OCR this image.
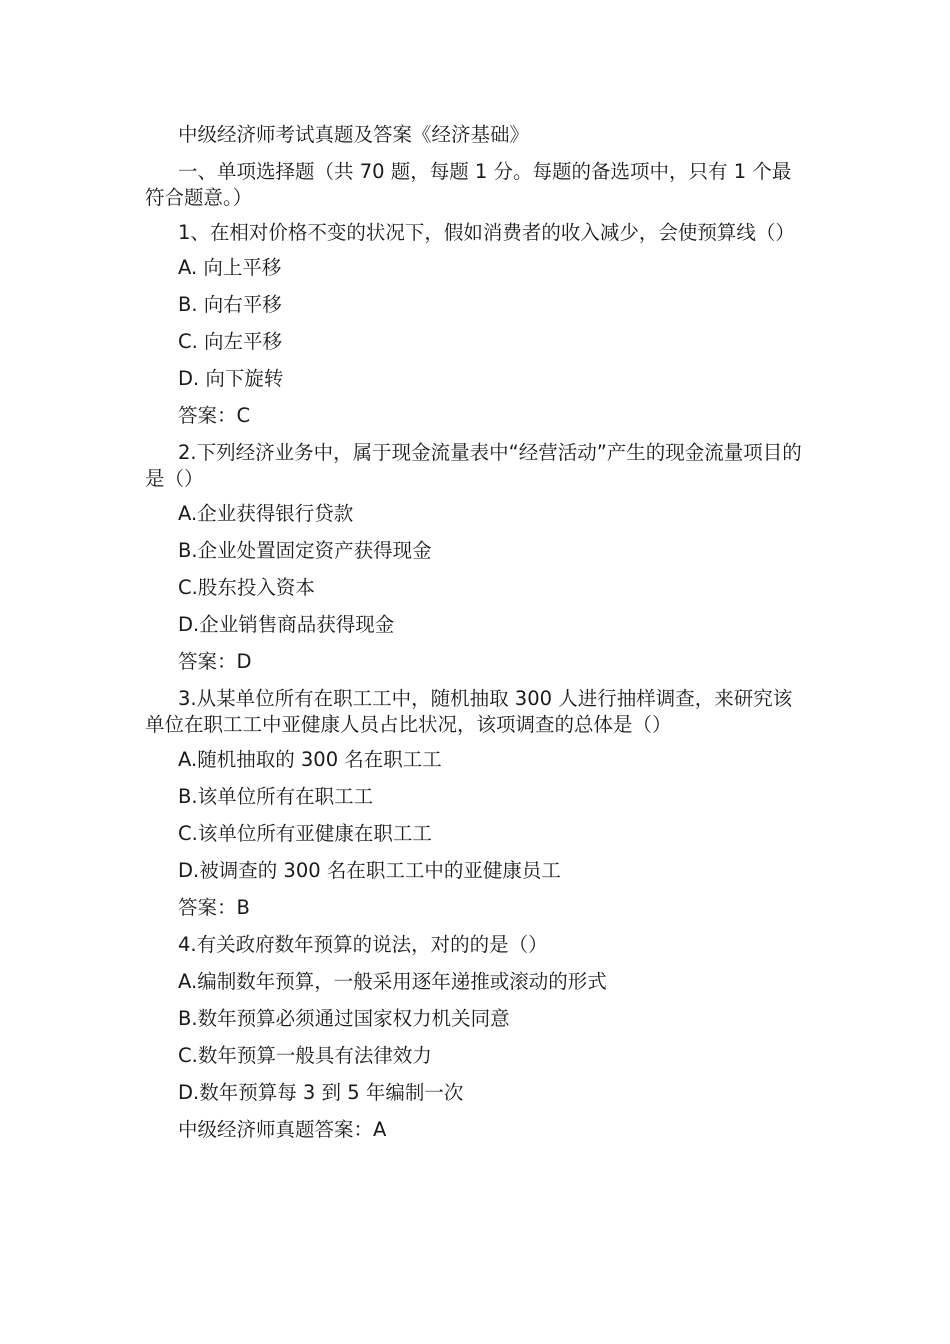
中级经济师考试真题及答案《经济基础》

一、单项选择题（共 70 题，每题 1 分。每题的备选项中，只有 1 个最符合题意。）

1、在相对价格不变的状况下，假如消费者的收入减少，会使预算线（）

A. 向上平移

B. 向右平移

C. 向左平移

D. 向下旋转

答案：C

2.下列经济业务中，属于现金流量表中“经营活动”产生的现金流量项目的是（）

A.企业获得银行贷款

B.企业处置固定资产获得现金

C.股东投入资本

D.企业销售商品获得现金

答案：D

3.从某单位所有在职工工中，随机抽取 300 人进行抽样调查，来研究该单位在职工工中亚健康人员占比状况，该项调查的总体是（）

A.随机抽取的 300 名在职工工

B.该单位所有在职工工

C.该单位所有亚健康在职工工

D.被调查的 300 名在职工工中的亚健康员工

答案：B

4.有关政府数年预算的说法，对的的是（）

A.编制数年预算，一般采用逐年递推或滚动的形式

B.数年预算必须通过国家权力机关同意

C.数年预算一般具有法律效力

D.数年预算每 3 到 5 年编制一次

中级经济师真题答案：A
